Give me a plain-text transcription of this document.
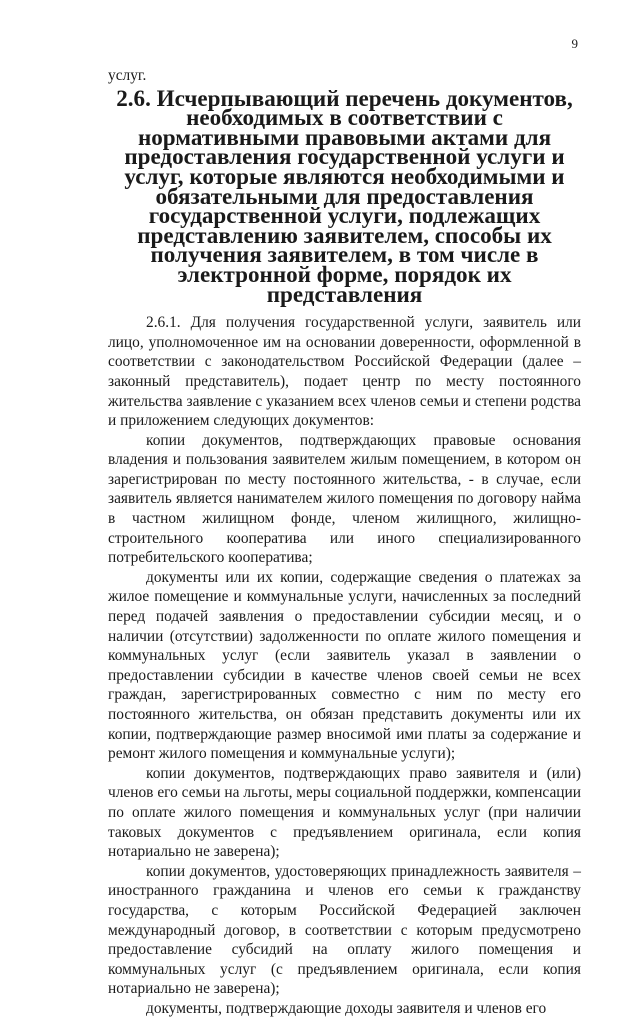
9

услуг.

2.6. Исчерпывающий перечень документов, необходимых в соответствии с нормативными правовыми актами для предоставления государственной услуги и услуг, которые являются необходимыми и обязательными для предоставления государственной услуги, подлежащих представлению заявителем, способы их получения заявителем, в том числе в электронной форме, порядок их представления

2.6.1. Для получения государственной услуги, заявитель или лицо, уполномоченное им на основании доверенности, оформленной в соответствии с законодательством Российской Федерации (далее – законный представитель), подает центр по месту постоянного жительства заявление с указанием всех членов семьи и степени родства и приложением следующих документов:

копии документов, подтверждающих правовые основания владения и пользования заявителем жилым помещением, в котором он зарегистрирован по месту постоянного жительства, - в случае, если заявитель является нанимателем жилого помещения по договору найма в частном жилищном фонде, членом жилищного, жилищно-строительного кооператива или иного специализированного потребительского кооператива;

документы или их копии, содержащие сведения о платежах за жилое помещение и коммунальные услуги, начисленных за последний перед подачей заявления о предоставлении субсидии месяц, и о наличии (отсутствии) задолженности по оплате жилого помещения и коммунальных услуг (если заявитель указал в заявлении о предоставлении субсидии в качестве членов своей семьи не всех граждан, зарегистрированных совместно с ним по месту его постоянного жительства, он обязан представить документы или их копии, подтверждающие размер вносимой ими платы за содержание и ремонт жилого помещения и коммунальные услуги);

копии документов, подтверждающих право заявителя и (или) членов его семьи на льготы, меры социальной поддержки, компенсации по оплате жилого помещения и коммунальных услуг (при наличии таковых документов с предъявлением оригинала, если копия нотариально не заверена);

копии документов, удостоверяющих принадлежность заявителя – иностранного гражданина и членов его семьи к гражданству государства, с которым Российской Федерацией заключен международный договор, в соответствии с которым предусмотрено предоставление субсидий на оплату жилого помещения и коммунальных услуг (с предъявлением оригинала, если копия нотариально не заверена);

документы, подтверждающие доходы заявителя и членов его
